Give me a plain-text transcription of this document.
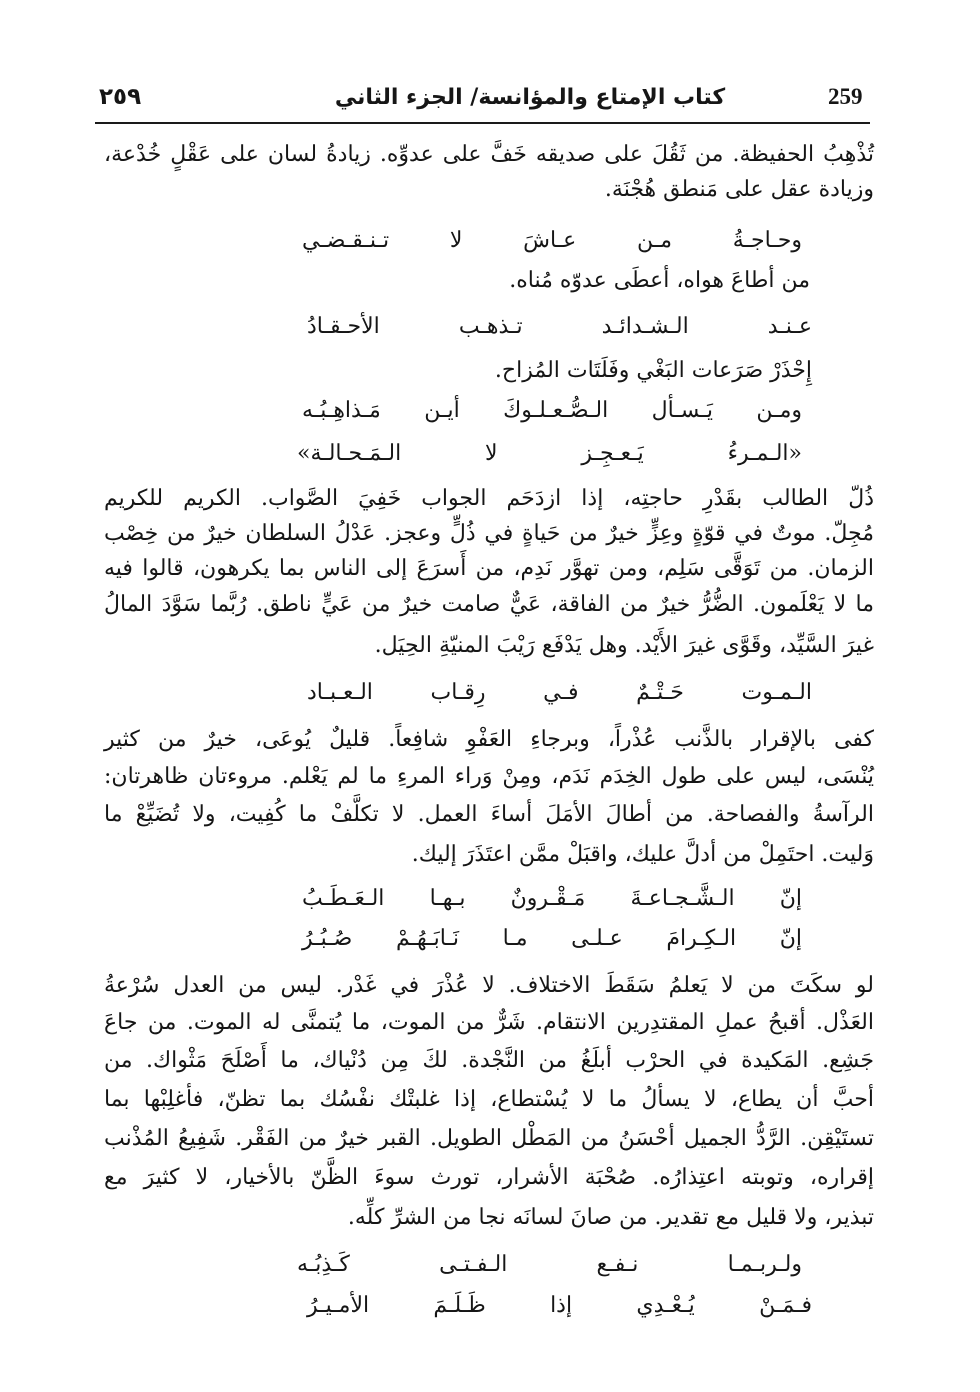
259
كتاب الإمتاع والمؤانسة/ الجزء الثاني
٢٥٩
تُذْهِبُ الحفيظة. من ثَقُلَ على صديقه خَفَّ على عدوِّه. زيادةُ لسان على عَقْلٍ خُدْعة،
وزيادة عقل على مَنطق هُجْنَة.
وحـاجـةُ مـن عـاشَ لا تـنـقـضـي
من أطاعَ هواه، أعطَى عدوّه مُناه.
عـنـد الـشـدائـد تـذهـب الأحـقـادُ
إِحْذَرْ صَرَعات البَغْي وفَلَتَات المُزاح.
ومـن يَـسـأل الـصُّـعـلـوكَ أيـن مَـذاهِـبُـه
«الـمـرءُ يَـعـجِـز لا الـمَـحـالـة»
ذُلّ الطالب بقَدْرِ حاجتِه، إذا ازدَحَم الجواب خَفِيَ الصَّواب. الكريم للكريم
مُجِلّ. موتٌ في قوّةٍ وعِزٍّ خيرٌ من حَياةٍ في ذُلٍّ وعجز. عَدْلُ السلطان خيرٌ من خِصْب
الزمان. من تَوَقَّى سَلِم، ومن تهوَّر نَدِم، من أَسرَعَ إلى الناس بما يكرهون، قالوا فيه
ما لا يَعْلَمون. الضُّرُّ خيرٌ من الفاقة، عَيٌّ صامت خيرٌ من عَيٍّ ناطق. رُبَّما سَوَّدَ المالُ
غيرَ السَّيِّد، وقَوَّى غيرَ الأَيْد. وهل يَدْفَع رَيْبَ المنيّةِ الحِيَل.
الـمـوت حَـتْـمٌ فـي رِقـاب الـعـبـاد
كفى بالإقرار بالذَّنب عُذْراً، وبرجاءِ العَفْوِ شافِعاً. قليلٌ يُوعَى، خيرٌ من كثير
يُنْسَى، ليس على طول الخِدَم نَدَم، ومِنْ وَراء المرءِ ما لم يَعْلم. مروءتان ظاهرتان:
الرآسةُ والفصاحة. من أطالَ الأمَلَ أساءَ العمل. لا تكلَّفْ ما كُفِيت، ولا تُضَيِّعْ ما
وَليت. احتَمِلْ من أدلَّ عليك، واقبَلْ ممَّن اعتَذَرَ إليك.
إنّ الـشَّـجـاعـةَ مَـقْـرونٌ بـهـا الـعَـطَـبُ
إنّ الـكِـرامَ عـلـى مـا نَـابَـهُـمْ صُـبُـرُ
لو سكَتَ من لا يَعلمُ سَقَطَ الاختلاف. لا عُذْرَ في غَدْر. ليس من العدل سُرْعةُ
العَذْل. أقبحُ عملِ المقتدِرين الانتقام. شَرٌّ من الموت، ما يُتمنَّى له الموت. من جاعَ
جَشِع. المَكيدة في الحرْب أبلَغُ من النَّجْدة. لكَ مِن دُنْياك، ما أَصْلَحَ مَثْواك. من
أحبَّ أن يطاع، لا يسألُ ما لا يُسْتطاع، إذا غلبتْك نفْسُك بما تظنّ، فأغلِبْها بما
تستَيْقِن. الرَّدُّ الجميل أحْسَنُ من المَطْل الطويل. القبر خيرٌ من الفَقْر. شَفِيعُ المُذْنب
إقراره، وتوبته اعتِذارُه. صُحْبَة الأشرار، تورث سوءَ الظَّنّ بالأخيار، لا كثيرَ مع
تبذير، ولا قليل مع تقدير. من صانَ لسانَه نجا من الشرِّ كلِّه.
ولـربـمـا نـفـع الـفـتـى كَـذِبُـه
فـمَـنْ يُـعْـدِي إذا ظَـلَـمَ الأمـيـرُ
